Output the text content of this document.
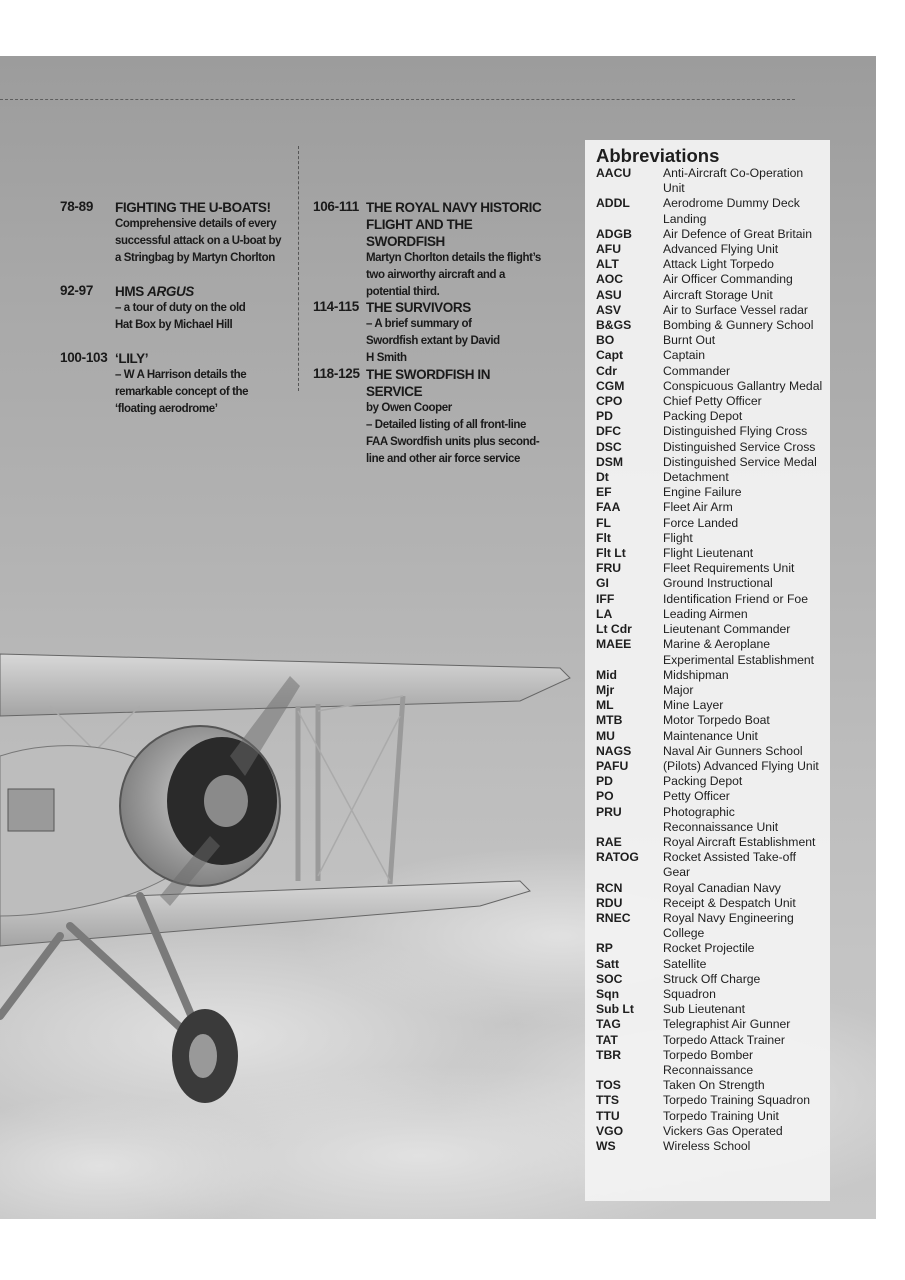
78-89 FIGHTING THE U-BOATS!
Comprehensive details of every successful attack on a U-boat by a Stringbag by Martyn Chorlton
92-97 HMS ARGUS
– a tour of duty on the old Hat Box by Michael Hill
100-103 ‘LILY’
– W A Harrison details the remarkable concept of the ‘floating aerodrome’
106-111 THE ROYAL NAVY HISTORIC FLIGHT AND THE SWORDFISH
Martyn Chorlton details the flight’s two airworthy aircraft and a potential third.
114-115 THE SURVIVORS
– A brief summary of Swordfish extant by David H Smith
118-125 THE SWORDFISH IN SERVICE
by Owen Cooper
– Detailed listing of all front-line FAA Swordfish units plus second-line and other air force service
Abbreviations
AACU	Anti-Aircraft Co-Operation Unit
ADDL	Aerodrome Dummy Deck Landing
ADGB	Air Defence of Great Britain
AFU	Advanced Flying Unit
ALT	Attack Light Torpedo
AOC	Air Officer Commanding
ASU	Aircraft Storage Unit
ASV	Air to Surface Vessel radar
B&GS	Bombing & Gunnery School
BO	Burnt Out
Capt	Captain
Cdr	Commander
CGM	Conspicuous Gallantry Medal
CPO	Chief Petty Officer
PD	Packing Depot
DFC	Distinguished Flying Cross
DSC	Distinguished Service Cross
DSM	Distinguished Service Medal
Dt	Detachment
EF	Engine Failure
FAA	Fleet Air Arm
FL	Force Landed
Flt	Flight
Flt Lt	Flight Lieutenant
FRU	Fleet Requirements Unit
GI	Ground Instructional
IFF	Identification Friend or Foe
LA	Leading Airmen
Lt Cdr	Lieutenant Commander
MAEE	Marine & Aeroplane Experimental Establishment
Mid	Midshipman
Mjr	Major
ML	Mine Layer
MTB	Motor Torpedo Boat
MU	Maintenance Unit
NAGS	Naval Air Gunners School
PAFU	(Pilots) Advanced Flying Unit
PD	Packing Depot
PO	Petty Officer
PRU	Photographic Reconnaissance Unit
RAE	Royal Aircraft Establishment
RATOG	Rocket Assisted Take-off Gear
RCN	Royal Canadian Navy
RDU	Receipt & Despatch Unit
RNEC	Royal Navy Engineering College
RP	Rocket Projectile
Satt	Satellite
SOC	Struck Off Charge
Sqn	Squadron
Sub Lt	Sub Lieutenant
TAG	Telegraphist Air Gunner
TAT	Torpedo Attack Trainer
TBR	Torpedo Bomber Reconnaissance
TOS	Taken On Strength
TTS	Torpedo Training Squadron
TTU	Torpedo Training Unit
VGO	Vickers Gas Operated
WS	Wireless School
